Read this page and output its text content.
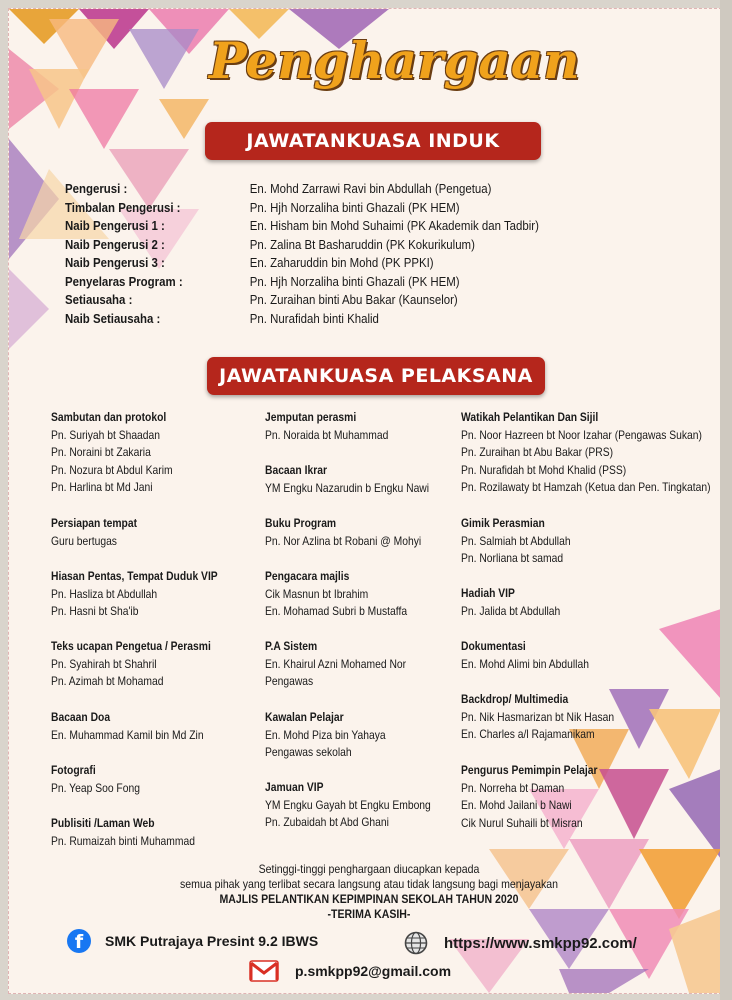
Penghargaan
JAWATANKUASA INDUK
Pengerusi :	En. Mohd Zarrawi Ravi bin Abdullah (Pengetua)
Timbalan Pengerusi :	Pn. Hjh Norzaliha binti Ghazali (PK HEM)
Naib Pengerusi 1 :	En. Hisham bin Mohd Suhaimi (PK Akademik dan Tadbir)
Naib Pengerusi 2 :	Pn. Zalina Bt Basharuddin (PK Kokurikulum)
Naib Pengerusi 3 :	En. Zaharuddin bin Mohd (PK PPKI)
Penyelaras Program :	Pn. Hjh Norzaliha binti Ghazali (PK HEM)
Setiausaha :	Pn. Zuraihan binti Abu Bakar (Kaunselor)
Naib Setiausaha :	Pn. Nurafidah binti Khalid
JAWATANKUASA PELAKSANA
Sambutan dan protokol
Pn. Suriyah bt Shaadan
Pn. Noraini bt Zakaria
Pn. Nozura bt Abdul Karim
Pn. Harlina bt Md Jani
Persiapan tempat
Guru bertugas
Hiasan Pentas, Tempat Duduk VIP
Pn. Hasliza bt Abdullah
Pn. Hasni bt Sha'ib
Teks ucapan Pengetua / Perasmi
Pn. Syahirah bt Shahril
Pn. Azimah bt Mohamad
Bacaan Doa
En. Muhammad Kamil bin Md Zin
Fotografi
Pn. Yeap Soo Fong
Publisiti /Laman Web
Pn. Rumaizah binti Muhammad
Jemputan perasmi
Pn. Noraida bt Muhammad
Bacaan Ikrar
YM Engku Nazarudin b Engku Nawi
Buku Program
Pn. Nor Azlina bt Robani @ Mohyi
Pengacara majlis
Cik Masnun bt Ibrahim
En. Mohamad Subri b Mustaffa
P.A Sistem
En. Khairul Azni Mohamed Nor
Pengawas
Kawalan Pelajar
En. Mohd Piza bin Yahaya
Pengawas sekolah
Jamuan VIP
YM Engku Gayah bt Engku Embong
Pn. Zubaidah bt Abd Ghani
Watikah Pelantikan Dan Sijil
Pn. Noor Hazreen bt Noor Izahar (Pengawas Sukan)
Pn. Zuraihan bt Abu Bakar (PRS)
Pn. Nurafidah bt Mohd Khalid (PSS)
Pn. Rozilawaty bt Hamzah (Ketua dan Pen. Tingkatan)
Gimik Perasmian
Pn. Salmiah bt Abdullah
Pn. Norliana bt samad
Hadiah VIP
Pn. Jalida bt Abdullah
Dokumentasi
En. Mohd Alimi bin Abdullah
Backdrop/ Multimedia
Pn. Nik Hasmarizan bt Nik Hasan
En. Charles a/l Rajamanikam
Pengurus Pemimpin Pelajar
Pn. Norreha bt Daman
En. Mohd Jailani b Nawi
Cik Nurul Suhaili bt Misran
Setinggi-tinggi penghargaan diucapkan kepada
semua pihak yang terlibat secara langsung atau tidak langsung bagi menjayakan
MAJLIS PELANTIKAN KEPIMPINAN SEKOLAH TAHUN 2020
-TERIMA KASIH-
f	SMK Putrajaya Presint 9.2 IBWS	https://www.smkpp92.com/
p.smkpp92@gmail.com
